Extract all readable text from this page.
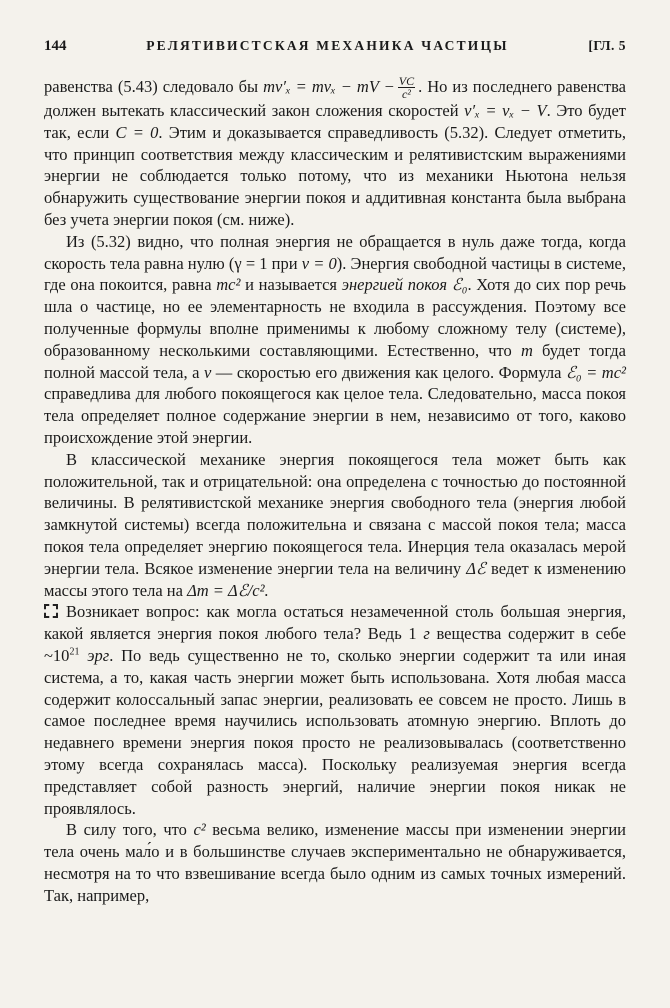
144	РЕЛЯТИВИСТСКАЯ МЕХАНИКА ЧАСТИЦЫ	[ГЛ. 5

равенства (5.43) следовало бы mv′ₓ = mvₓ − mV − $\frac{VC}{\text{c²}}$ . Но из последнего равенства должен вытекать классический закон сложения скоростей v′ₓ = vₓ − V. Это будет так, если C = 0. Этим и доказывается справедливость (5.32). Следует отметить, что принцип соответствия между классическим и релятивистским выражениями энергии не соблюдается только потому, что из механики Ньютона нельзя обнаружить существование энергии покоя и аддитивная константа была выбрана без учета энергии покоя (см. ниже).

Из (5.32) видно, что полная энергия не обращается в нуль даже тогда, когда скорость тела равна нулю (γ = 1 при v = 0). Энергия свободной частицы в системе, где она покоится, равна mc² и называется энергией покоя ℰ₀. Хотя до сих пор речь шла о частице, но ее элементарность не входила в рассуждения. Поэтому все полученные формулы вполне применимы к любому сложному телу (системе), образованному несколькими составляющими. Естественно, что m будет тогда полной массой тела, а v — скоростью его движения как целого. Формула ℰ₀ = mc² справедлива для любого покоящегося как целое тела. Следовательно, масса покоя тела определяет полное содержание энергии в нем, независимо от того, каково происхождение этой энергии.

В классической механике энергия покоящегося тела может быть как положительной, так и отрицательной: она определена с точностью до постоянной величины. В релятивистской механике энергия свободного тела (энергия любой замкнутой системы) всегда положительна и связана с массой покоя тела; масса покоя тела определяет энергию покоящегося тела. Инерция тела оказалась мерой энергии тела. Всякое изменение энергии тела на величину Δℰ ведет к изменению массы этого тела на Δm = Δℰ/c².

Возникает вопрос: как могла остаться незамеченной столь большая энергия, какой является энергия покоя любого тела? Ведь 1 г вещества содержит в себе $\sim 10^{21}$ эрг. По ведь существенно не то, сколько энергии содержит та или иная система, а то, какая часть энергии может быть использована. Хотя любая масса содержит колоссальный запас энергии, реализовать ее совсем не просто. Лишь в самое последнее время научились использовать атомную энергию. Вплоть до недавнего времени энергия покоя просто не реализовывалась (соответственно этому всегда сохранялась масса). Поскольку реализуемая энергия всегда представляет собой разность энергий, наличие энергии покоя никак не проявлялось.

В силу того, что c² весьма велико, изменение массы при изменении энергии тела очень мал́о и в большинстве случаев экспериментально не обнаруживается, несмотря на то что взвешивание всегда было одним из самых точных измерений. Так, например,
